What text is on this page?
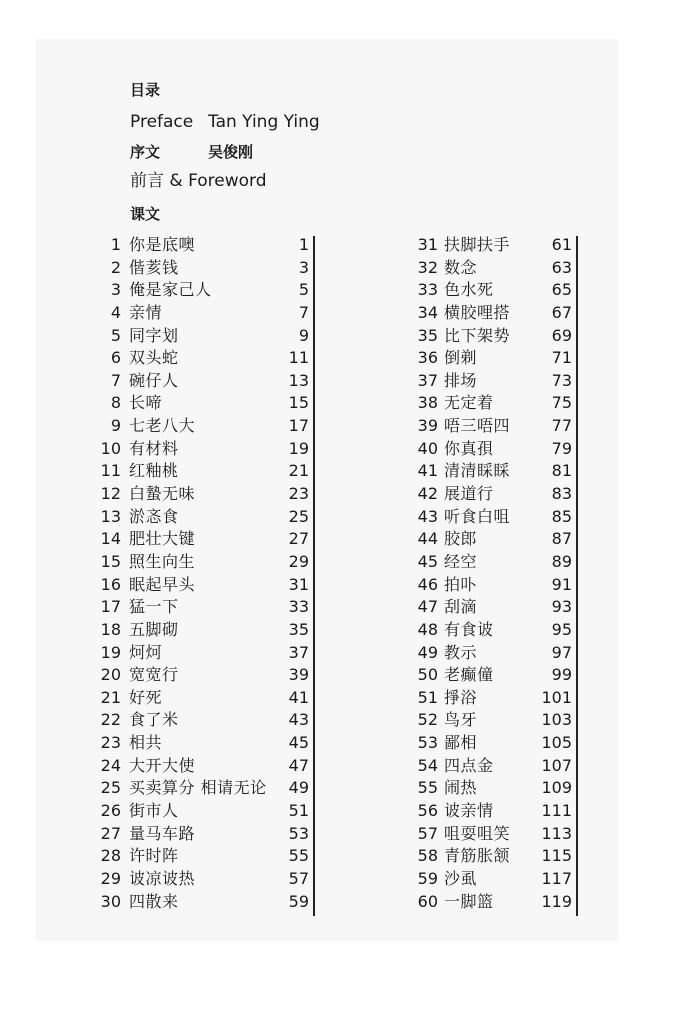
目录
Preface Tan Ying Ying
序文	吴俊刚
前言 & Foreword
课文
1 你是底噢	1
2 偕荄钱	3
3 俺是家己人	5
4 亲情	7
5 同字划	9
6 双头蛇	11
7 碗仔人	13
8 长啼	15
9 七老八大	17
10 有材料	19
11 红釉桃	21
12 白蟄无味	23
13 淤忞食	25
14 肥壮大键	27
15 照生向生	29
16 眠起早头	31
17 猛一下	33
18 五脚砌	35
19 炣炣	37
20 宽宽行	39
21 好死	41
22 食了米	43
23 相共	45
24 大开大使	47
25 买卖算分 相请无论 49
26 街市人	51
27 量马车路	53
28 许时阵	55
29 诐凉诐热	57
30 四散来	59
31 扶脚扶手	61
32 数念	63
33 色水死	65
34 横胶哩搭	67
35 比下架势	69
36 倒剃	71
37 排场	73
38 无定着	75
39 唔三唔四	77
40 你真孭	79
41 清清睬睬	81
42 展道行	83
43 听食白咀	85
44 胶郎	87
45 经空	89
46 拍卟	91
47 刮滴	93
48 有食诐	95
49 教示	97
50 老癫僮	99
51 掙浴	101
52 鸟牙	103
53 鄙相	105
54 四点金	107
55 闹热	109
56 诐亲情	111
57 咀耍咀笑 113
58 青筋胀颔 115
59 沙虱	117
60 一脚篮	119
